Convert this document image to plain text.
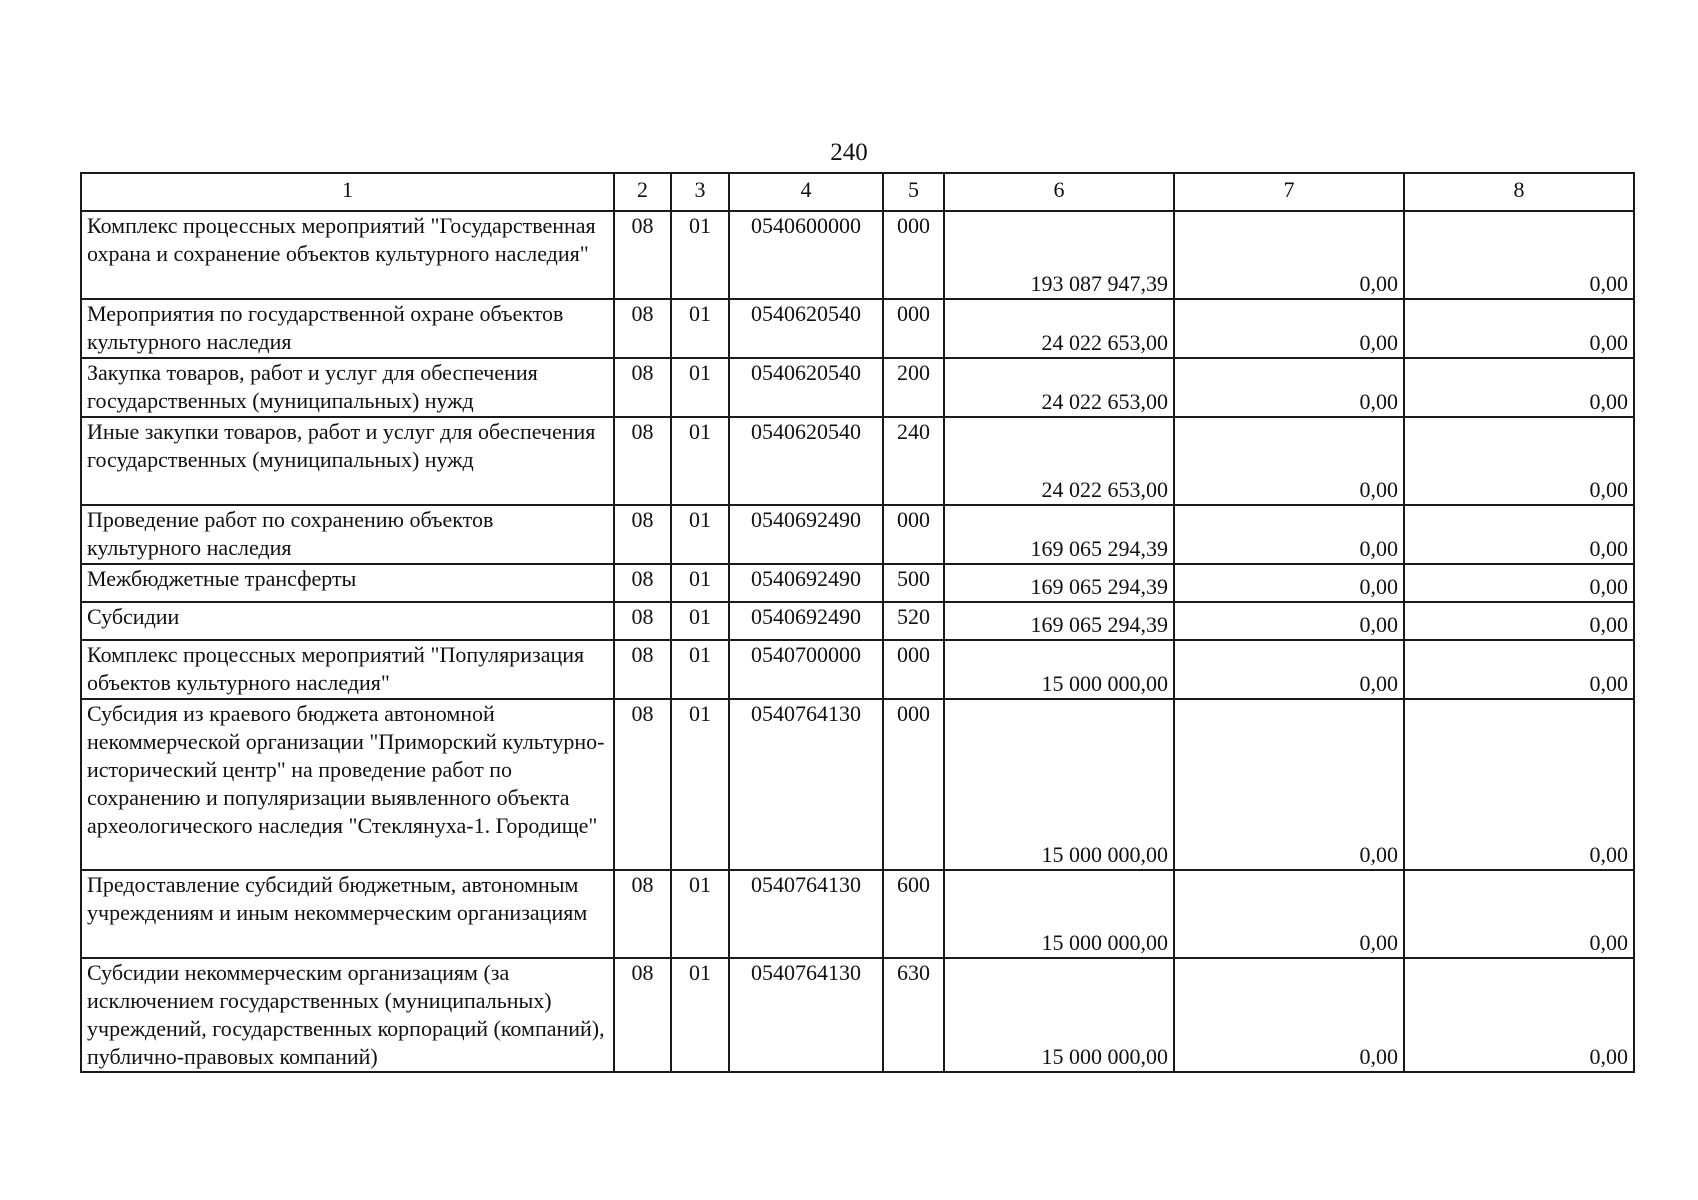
240
1	2	3	4	5	6	7	8
Комплекс процессных мероприятий "Государственная охрана и сохранение объектов культурного наследия"	08	01	0540600000	000	193 087 947,39	0,00	0,00
Мероприятия по государственной охране объектов культурного наследия	08	01	0540620540	000	24 022 653,00	0,00	0,00
Закупка товаров, работ и услуг для обеспечения государственных (муниципальных) нужд	08	01	0540620540	200	24 022 653,00	0,00	0,00
Иные закупки товаров, работ и услуг для обеспечения государственных (муниципальных) нужд	08	01	0540620540	240	24 022 653,00	0,00	0,00
Проведение работ по сохранению объектов культурного наследия	08	01	0540692490	000	169 065 294,39	0,00	0,00
Межбюджетные трансферты	08	01	0540692490	500	169 065 294,39	0,00	0,00
Субсидии	08	01	0540692490	520	169 065 294,39	0,00	0,00
Комплекс процессных мероприятий "Популяризация объектов культурного наследия"	08	01	0540700000	000	15 000 000,00	0,00	0,00
Субсидия из краевого бюджета автономной некоммерческой организации "Приморский культурно-исторический центр" на проведение работ по сохранению и популяризации выявленного объекта археологического наследия "Стеклянуха-1. Городище"	08	01	0540764130	000	15 000 000,00	0,00	0,00
Предоставление субсидий бюджетным, автономным учреждениям и иным некоммерческим организациям	08	01	0540764130	600	15 000 000,00	0,00	0,00
Субсидии некоммерческим организациям (за исключением государственных (муниципальных) учреждений, государственных корпораций (компаний), публично-правовых компаний)	08	01	0540764130	630	15 000 000,00	0,00	0,00
